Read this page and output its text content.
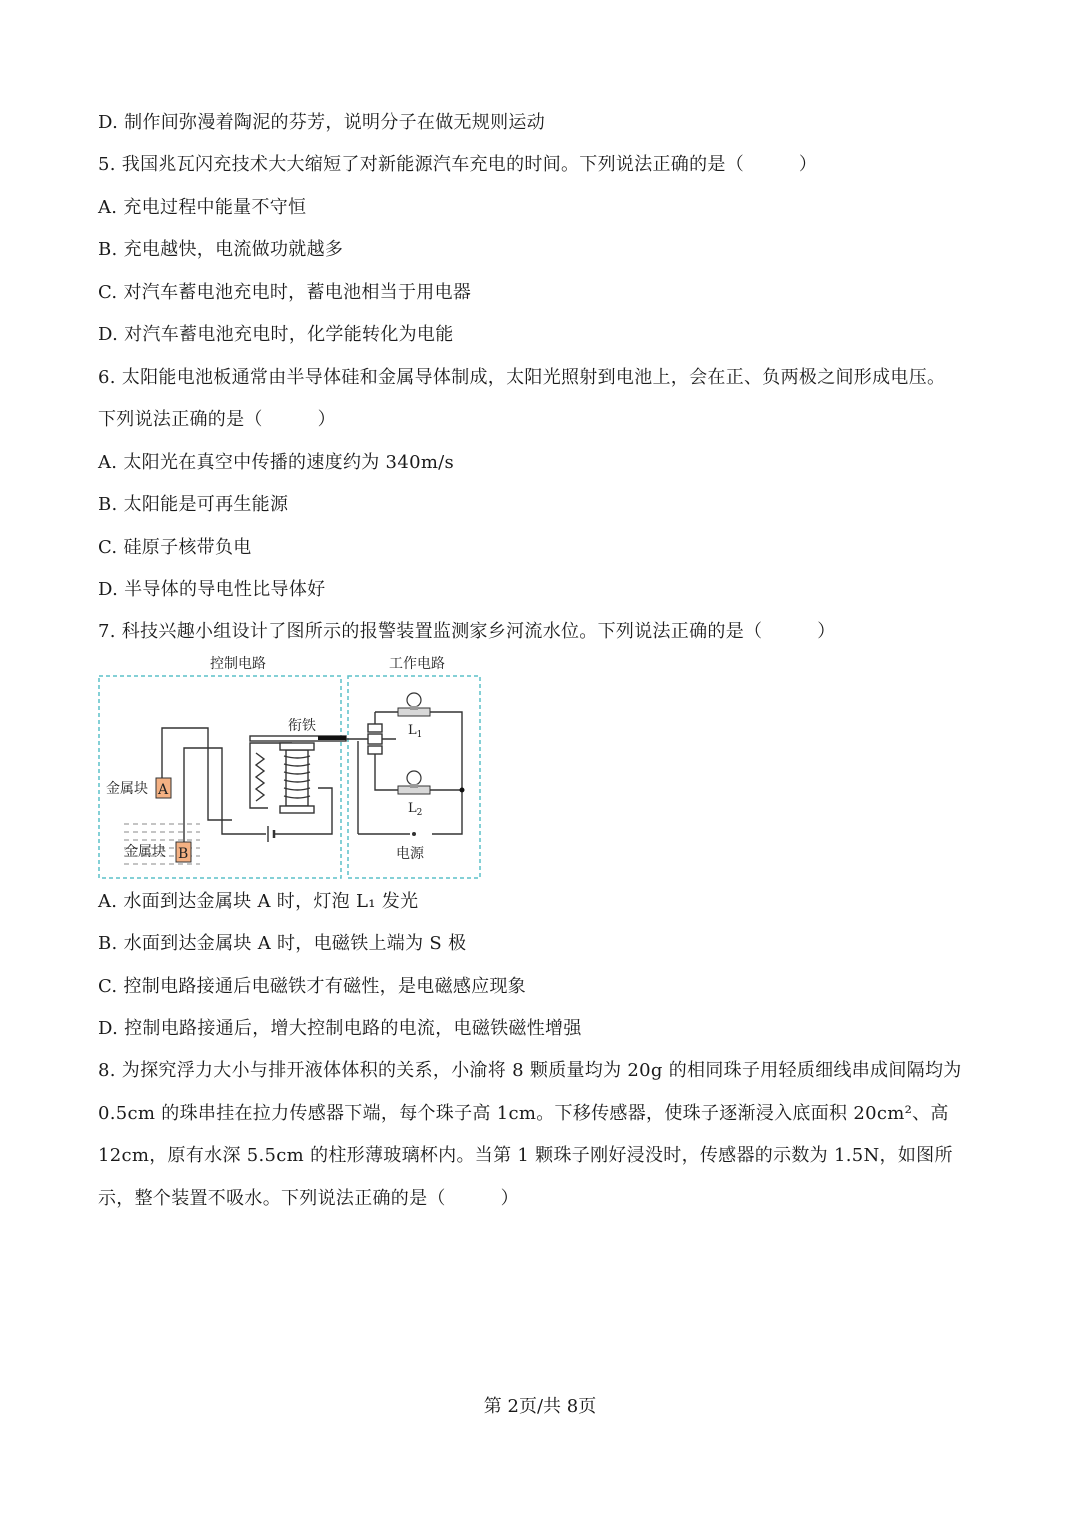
D. 制作间弥漫着陶泥的芬芳，说明分子在做无规则运动
5. 我国兆瓦闪充技术大大缩短了对新能源汽车充电的时间。下列说法正确的是（　　　）
A. 充电过程中能量不守恒
B. 充电越快，电流做功就越多
C. 对汽车蓄电池充电时，蓄电池相当于用电器
D. 对汽车蓄电池充电时，化学能转化为电能
6. 太阳能电池板通常由半导体硅和金属导体制成，太阳光照射到电池上，会在正、负两极之间形成电压。
下列说法正确的是（　　　）
A. 太阳光在真空中传播的速度约为 340m/s
B. 太阳能是可再生能源
C. 硅原子核带负电
D. 半导体的导电性比导体好
7. 科技兴趣小组设计了图所示的报警装置监测家乡河流水位。下列说法正确的是（　　　）
控制电路	工作电路
$L_1$
$L_2$
电源
金属块 A
金属块 B
衔铁
A. 水面到达金属块 A 时，灯泡 L₁ 发光
B. 水面到达金属块 A 时，电磁铁上端为 S 极
C. 控制电路接通后电磁铁才有磁性，是电磁感应现象
D. 控制电路接通后，增大控制电路的电流，电磁铁磁性增强
8. 为探究浮力大小与排开液体体积的关系，小渝将 8 颗质量均为 20g 的相同珠子用轻质细线串成间隔均为
0.5cm 的珠串挂在拉力传感器下端，每个珠子高 1cm。下移传感器，使珠子逐渐浸入底面积 20cm²、高
12cm，原有水深 5.5cm 的柱形薄玻璃杯内。当第 1 颗珠子刚好浸没时，传感器的示数为 1.5N，如图所
示，整个装置不吸水。下列说法正确的是（　　　）
第 2页/共 8页
